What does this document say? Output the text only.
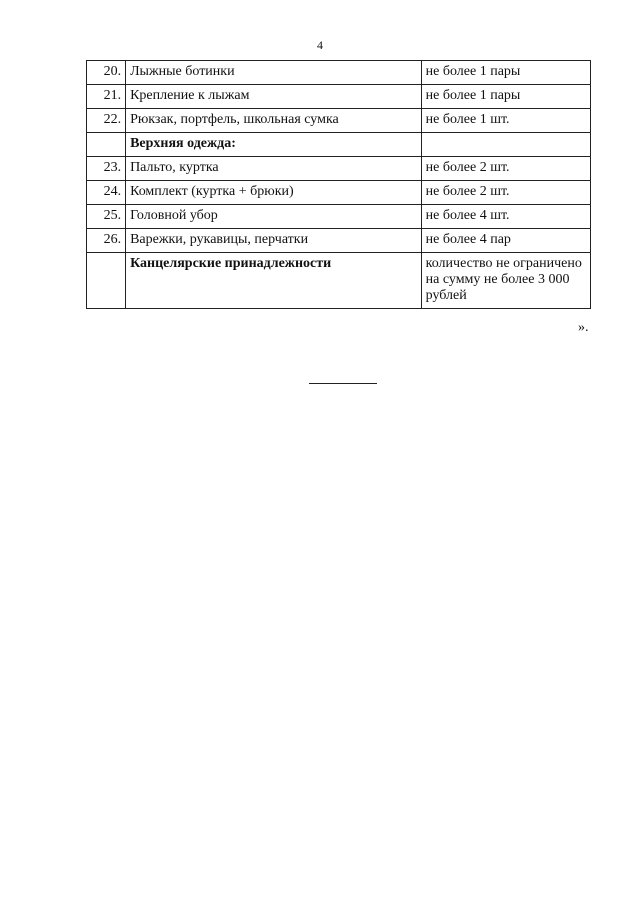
4
20.	Лыжные ботинки	не более 1 пары
21.	Крепление к лыжам	не более 1 пары
22.	Рюкзак, портфель, школьная сумка	не более 1 шт.
	Верхняя одежда:	
23.	Пальто, куртка	не более 2 шт.
24.	Комплект (куртка + брюки)	не более 2 шт.
25.	Головной убор	не более 4 шт.
26.	Варежки, рукавицы, перчатки	не более 4 пар
	Канцелярские принадлежности	количество не ограничено на сумму не более 3 000 рублей
».
